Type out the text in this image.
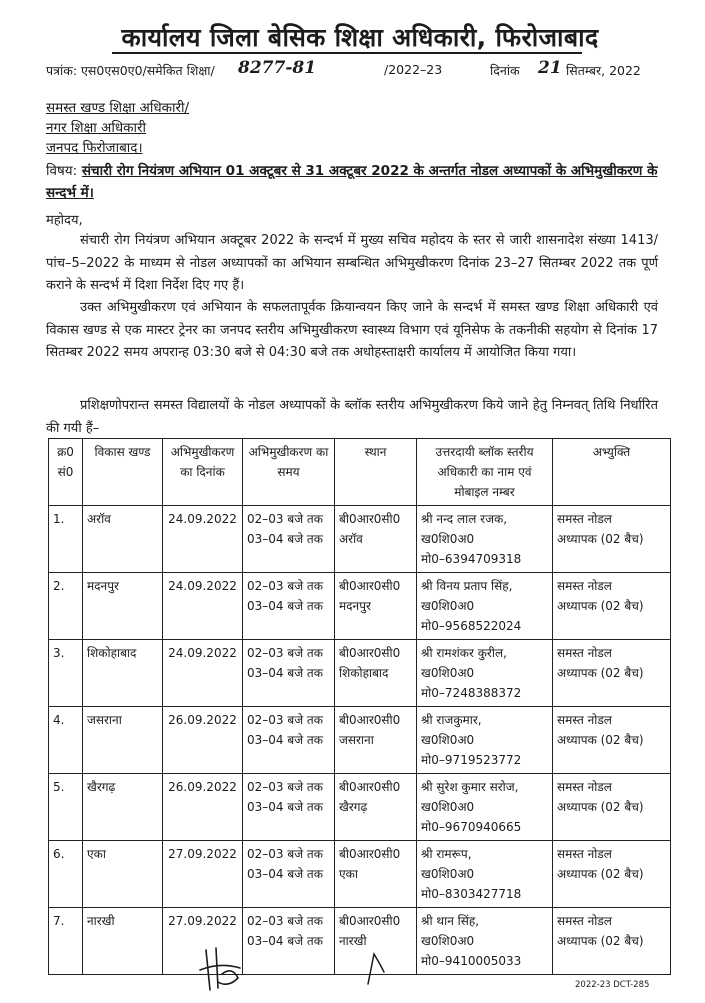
कार्यालय जिला बेसिक शिक्षा अधिकारी, फिरोजाबाद
पत्रांक: एस0एस0ए0/समेकित शिक्षा/ 8277-81	/2022–23	दिनांक 21 सितम्बर, 2022
समस्त खण्ड शिक्षा अधिकारी/
नगर शिक्षा अधिकारी
जनपद फिरोजाबाद।
विषय: संचारी रोग नियंत्रण अभियान 01 अक्टूबर से 31 अक्टूबर 2022 के अन्तर्गत नोडल अध्यापकों के अभिमुखीकरण के सन्दर्भ में।
महोदय,
संचारी रोग नियंत्रण अभियान अक्टूबर 2022 के सन्दर्भ में मुख्य सचिव महोदय के स्तर से जारी शासनादेश संख्या 1413/पांच–5–2022 के माध्यम से नोडल अध्यापकों का अभियान सम्बन्धित अभिमुखीकरण दिनांक 23–27 सितम्बर 2022 तक पूर्ण कराने के सन्दर्भ में दिशा निर्देश दिए गए हैं।
उक्त अभिमुखीकरण एवं अभियान के सफलतापूर्वक क्रियान्वयन किए जाने के सन्दर्भ में समस्त खण्ड शिक्षा अधिकारी एवं विकास खण्ड से एक मास्टर ट्रेनर का जनपद स्तरीय अभिमुखीकरण स्वास्थ्य विभाग एवं यूनिसेफ के तकनीकी सहयोग से दिनांक 17 सितम्बर 2022 समय अपरान्ह 03:30 बजे से 04:30 बजे तक अधोहस्ताक्षरी कार्यालय में आयोजित किया गया।
प्रशिक्षणोपरान्त समस्त विद्यालयों के नोडल अध्यापकों के ब्लॉक स्तरीय अभिमुखीकरण किये जाने हेतु निम्नवत् तिथि निर्धारित की गयी हैं–
क्र0 सं0	विकास खण्ड	अभिमुखीकरण का दिनांक	अभिमुखीकरण का समय	स्थान	उत्तरदायी ब्लॉक स्तरीय अधिकारी का नाम एवं मोबाइल नम्बर	अभ्युक्ति
1.	अरॉव	24.09.2022	02–03 बजे तक
03–04 बजे तक	बी0आर0सी0
अरॉव	श्री नन्द लाल रजक,
ख0शि0अ0
मो0–6394709318	समस्त नोडल
अध्यापक (02 बैच)

2.	मदनपुर	24.09.2022	02–03 बजे तक
03–04 बजे तक	बी0आर0सी0
मदनपुर	श्री विनय प्रताप सिंह,
ख0शि0अ0
मो0–9568522024	समस्त नोडल
अध्यापक (02 बैच)

3.	शिकोहाबाद	24.09.2022	02–03 बजे तक
03–04 बजे तक	बी0आर0सी0
शिकोहाबाद	श्री रामशंकर कुरील,
ख0शि0अ0
मो0–7248388372	समस्त नोडल
अध्यापक (02 बैच)

4.	जसराना	26.09.2022	02–03 बजे तक
03–04 बजे तक	बी0आर0सी0
जसराना	श्री राजकुमार,
ख0शि0अ0
मो0–9719523772	समस्त नोडल
अध्यापक (02 बैच)

5.	खैरगढ़	26.09.2022	02–03 बजे तक
03–04 बजे तक	बी0आर0सी0
खैरगढ़	श्री सुरेश कुमार सरोज,
ख0शि0अ0
मो0–9670940665	समस्त नोडल
अध्यापक (02 बैच)

6.	एका	27.09.2022	02–03 बजे तक
03–04 बजे तक	बी0आर0सी0
एका	श्री रामरूप,
ख0शि0अ0
मो0–8303427718	समस्त नोडल
अध्यापक (02 बैच)

7.	नारखी	27.09.2022	02–03 बजे तक
03–04 बजे तक	बी0आर0सी0
नारखी	श्री थान सिंह,
ख0शि0अ0
मो0–9410005033	समस्त नोडल
अध्यापक (02 बैच)
2022-23 DCT-285
